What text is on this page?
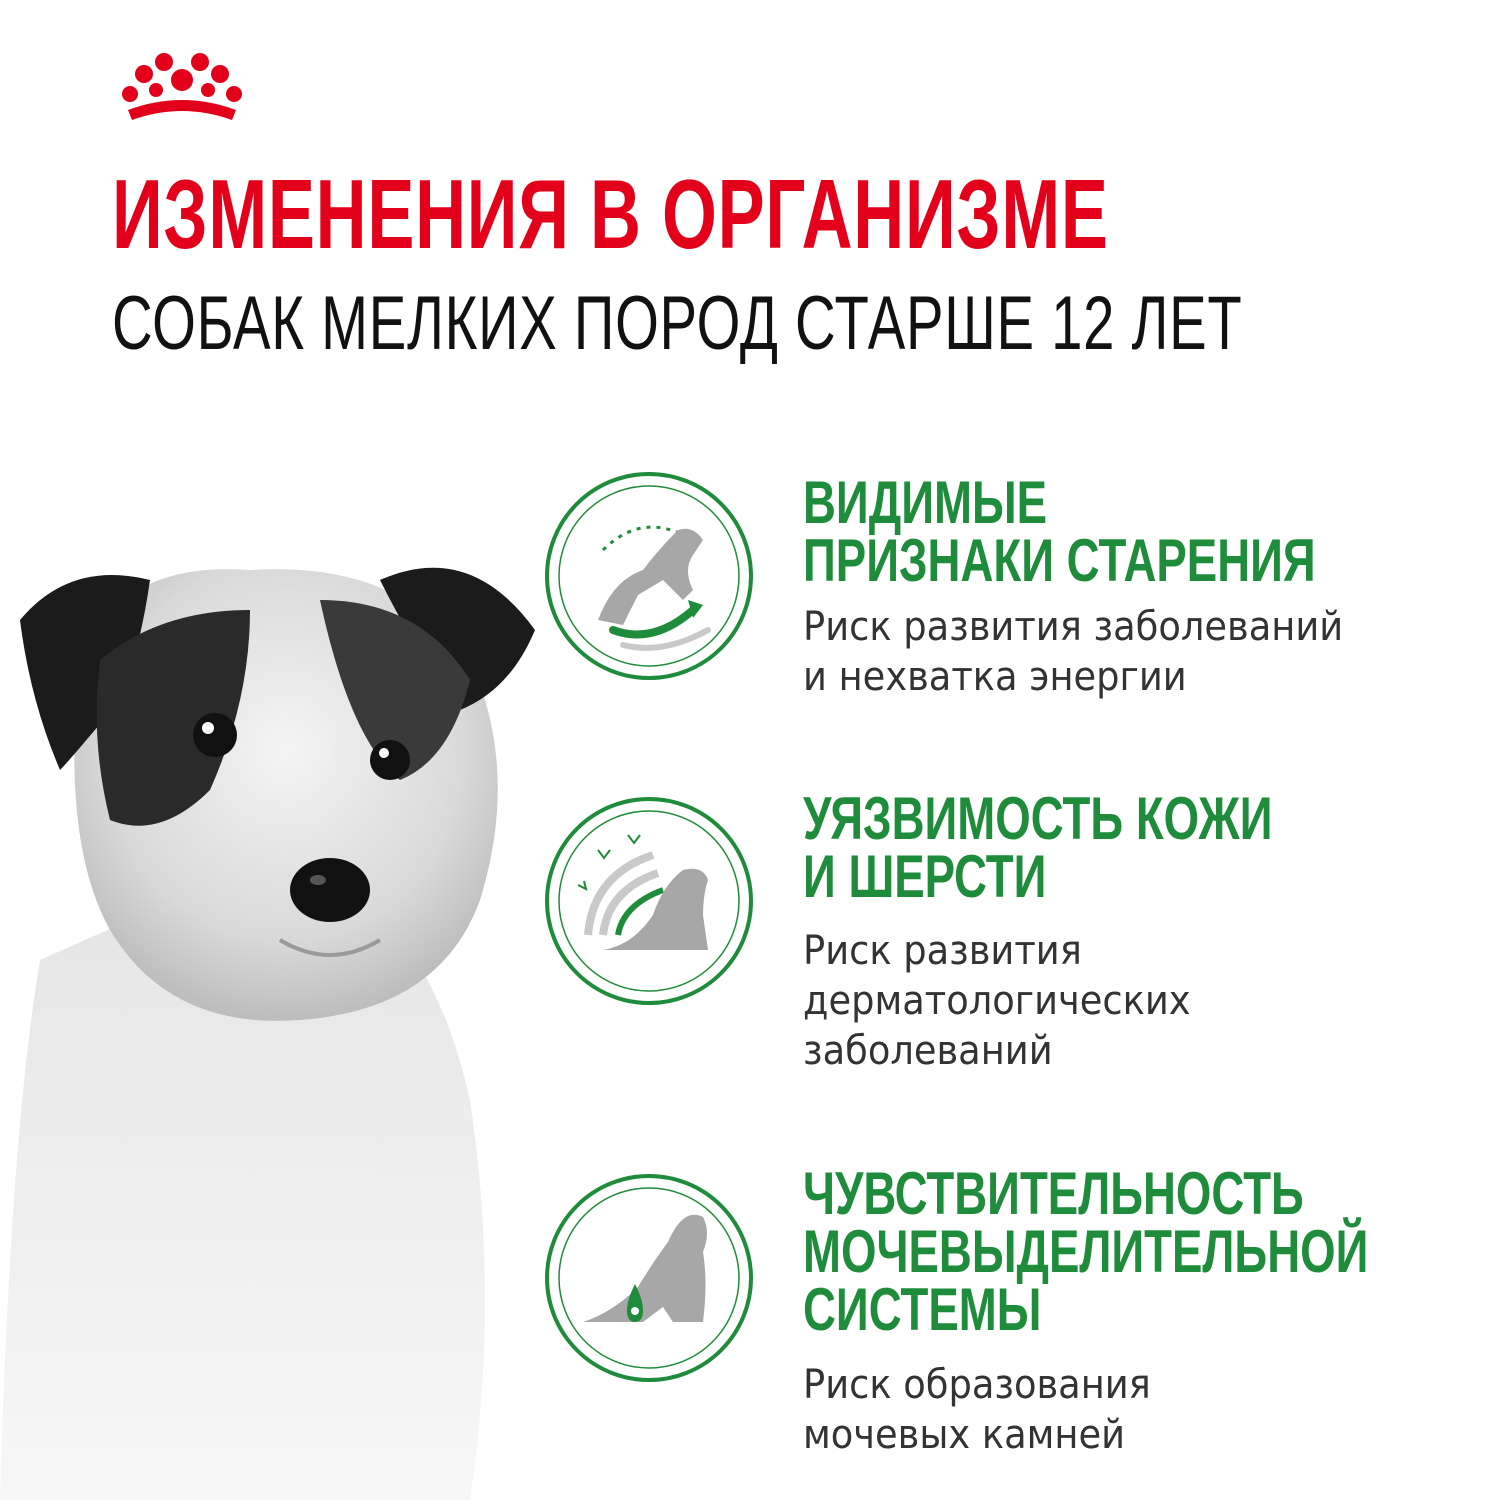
ИЗМЕНЕНИЯ В ОРГАНИЗМЕ
СОБАК МЕЛКИХ ПОРОД СТАРШЕ 12 ЛЕТ
ВИДИМЫЕ
ПРИЗНАКИ СТАРЕНИЯ
Риск развития заболеваний
и нехватка энергии
УЯЗВИМОСТЬ КОЖИ
И ШЕРСТИ
Риск развития
дерматологических
заболеваний
ЧУВСТВИТЕЛЬНОСТЬ
МОЧЕВЫДЕЛИТЕЛЬНОЙ
СИСТЕМЫ
Риск образования
мочевых камней
